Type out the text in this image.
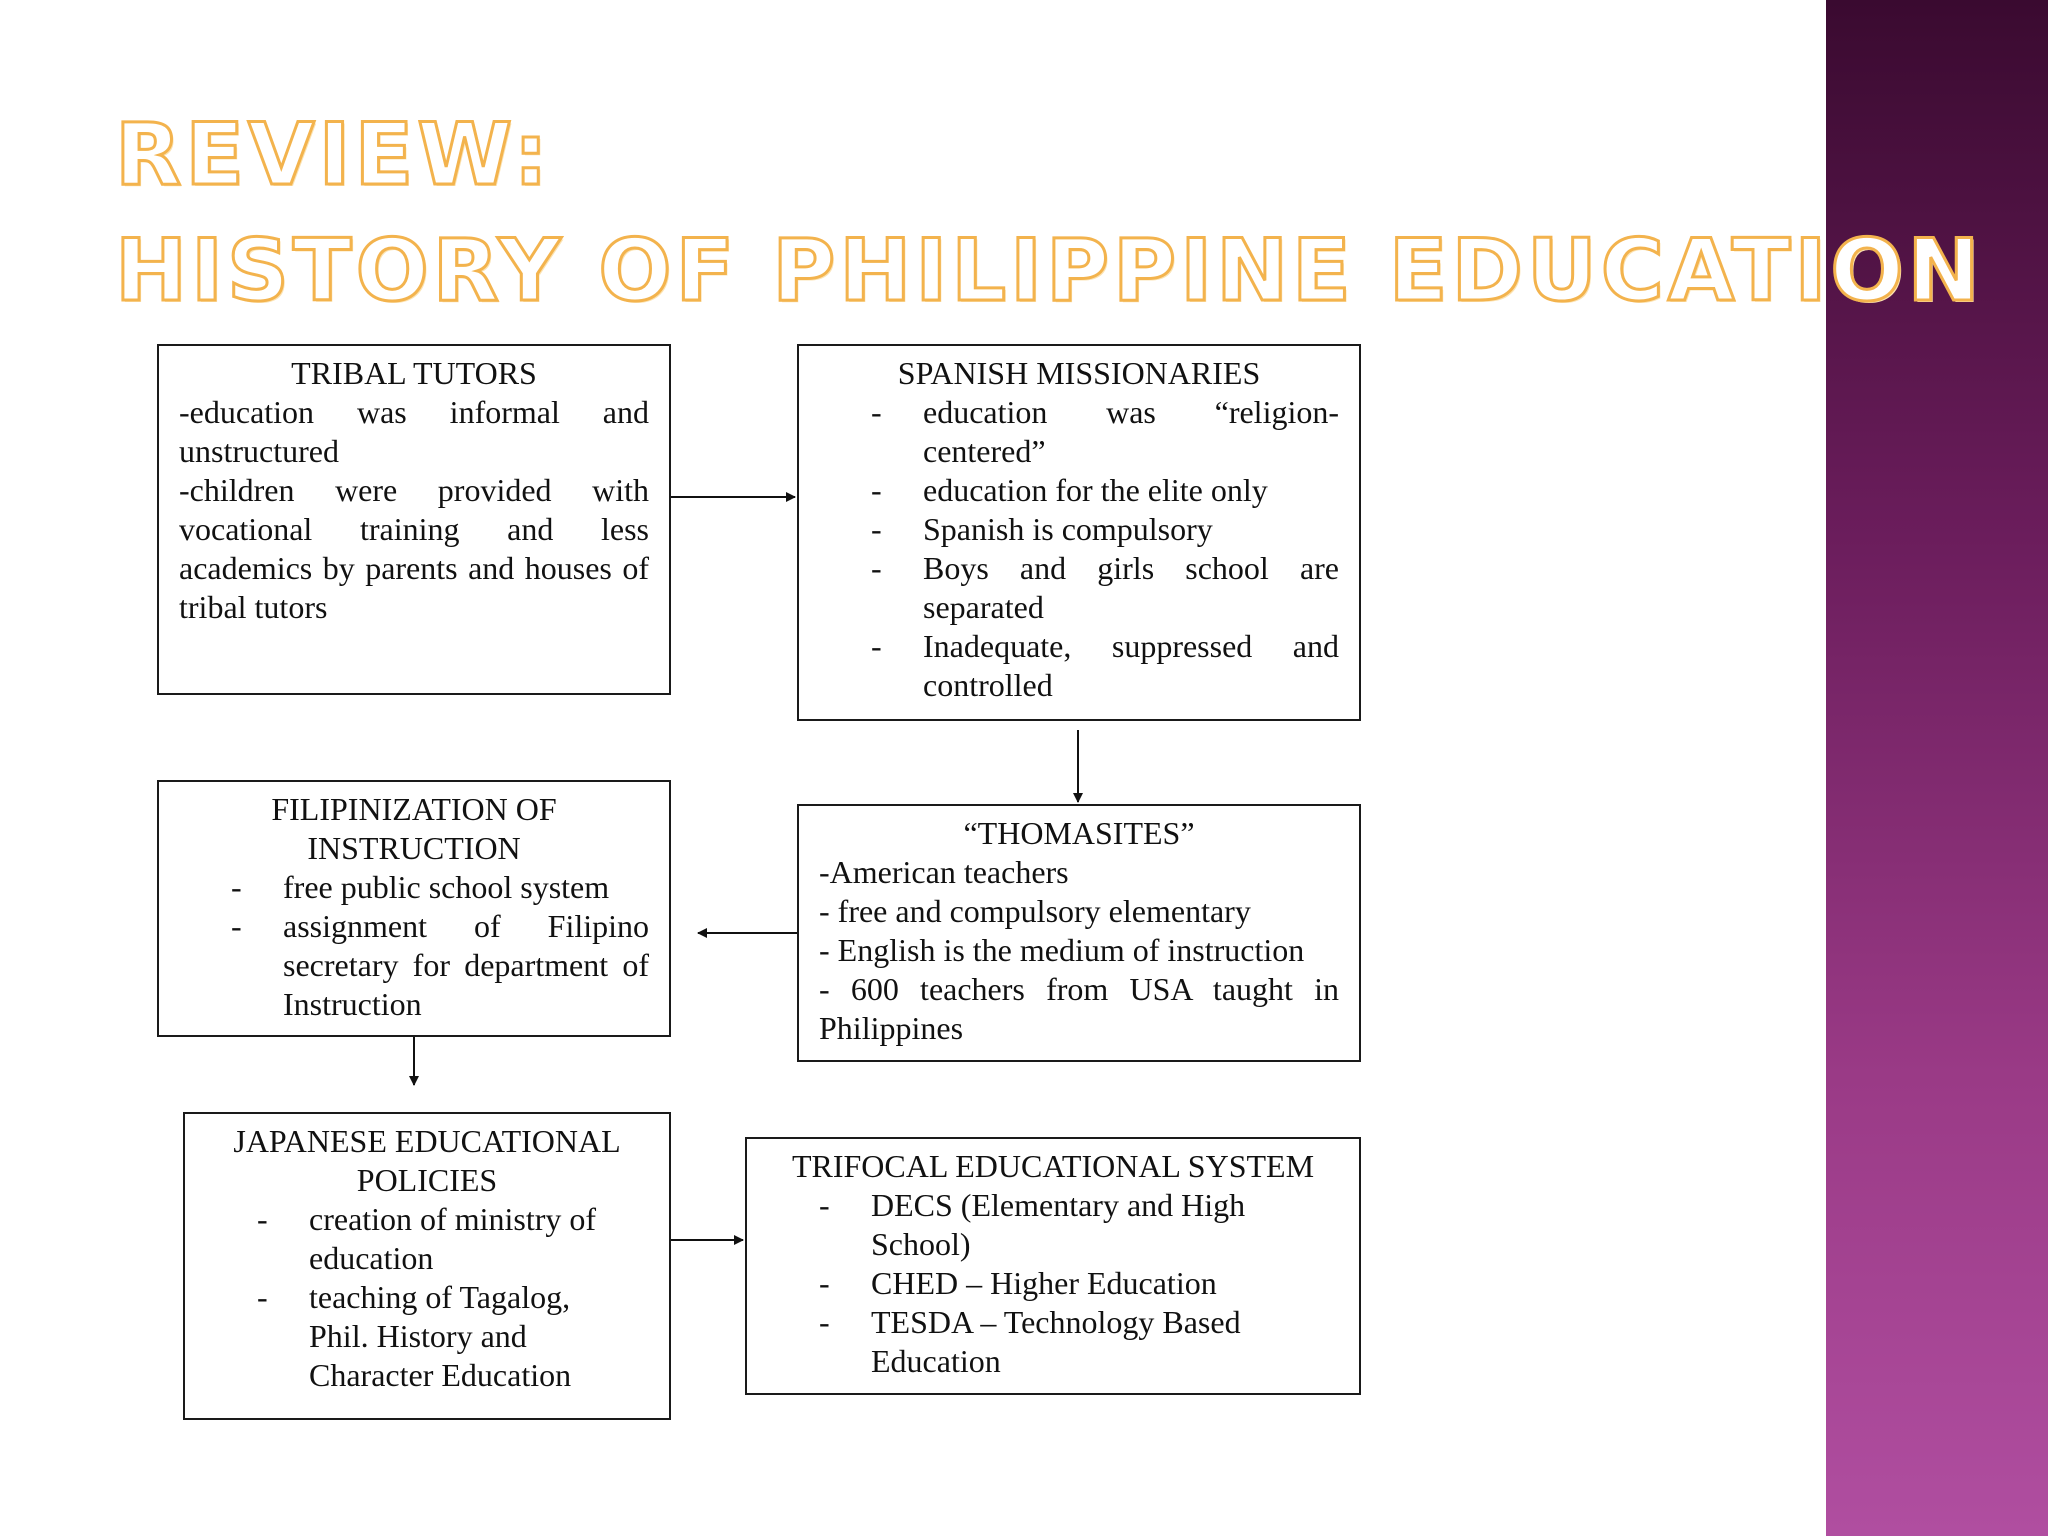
REVIEW:
HISTORY OF PHILIPPINE EDUCATION

TRIBAL TUTORS

-education was informal and unstructured

-children were provided with vocational training and less academics by parents and houses of tribal tutors

SPANISH MISSIONARIES

- education was “religion-centered”
- education for the elite only
- Spanish is compulsory
- Boys and girls school are separated
- Inadequate, suppressed and controlled

“THOMASITES”

-American teachers

- free and compulsory elementary

- English is the medium of instruction

- 600 teachers from USA taught in Philippines

FILIPINIZATION OF INSTRUCTION

- free public school system
- assignment of Filipino secretary for department of Instruction

JAPANESE EDUCATIONAL POLICIES

- creation of ministry of education
- teaching of Tagalog, Phil. History and Character Education

TRIFOCAL EDUCATIONAL SYSTEM

- DECS (Elementary and High School)
- CHED – Higher Education
- TESDA – Technology Based Education
